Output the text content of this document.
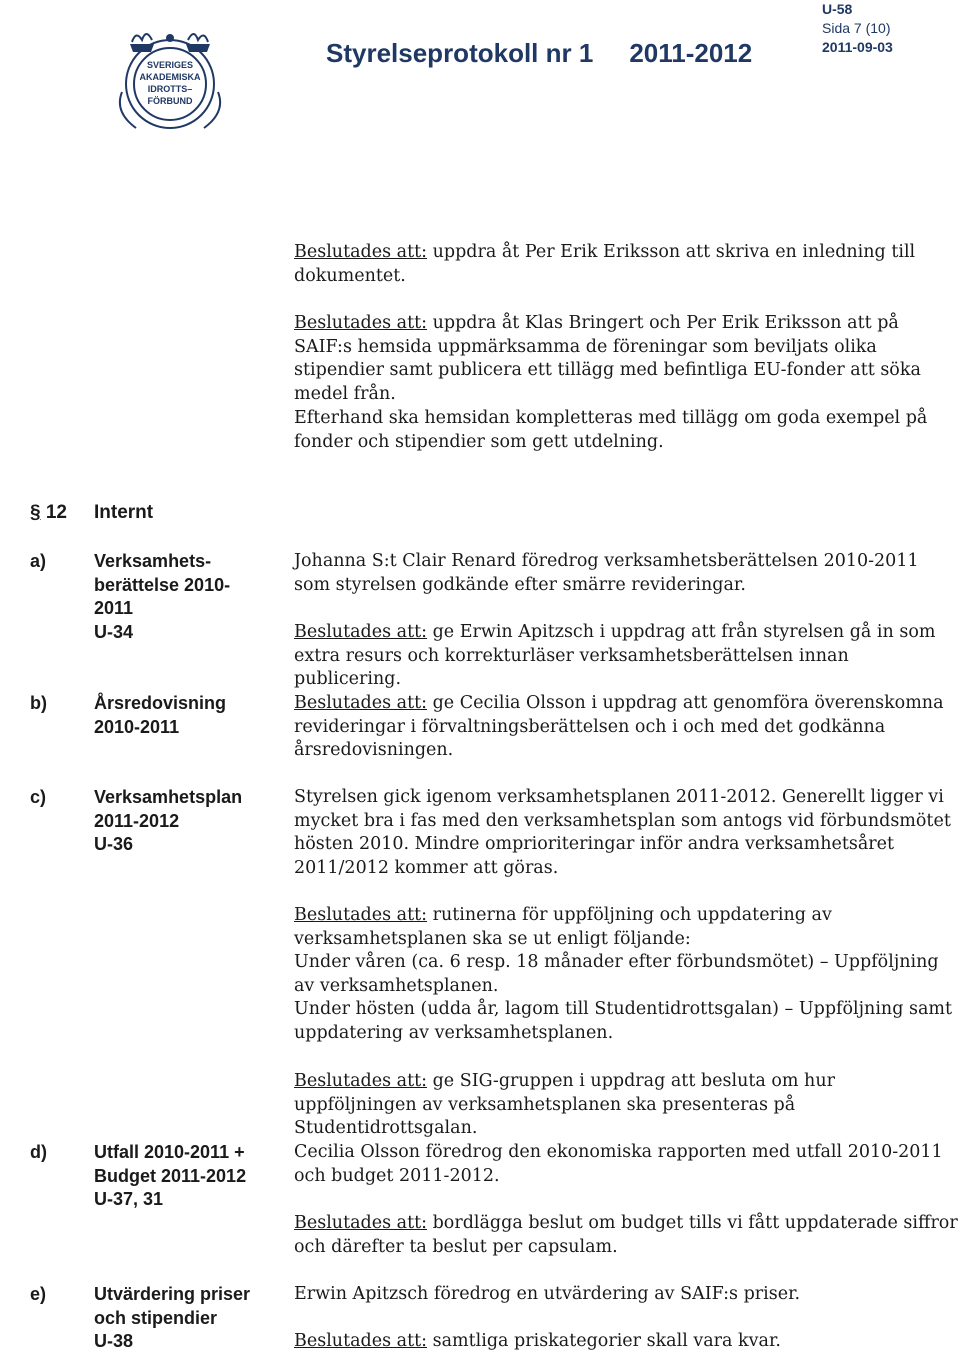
SVERIGES
AKADEMISKA
IDROTTS–
FÖRBUND
Styrelseprotokoll nr 1 2011-2012
U-58
Sida 7 (10)
2011-09-03

Beslutades att: uppdra åt Per Erik Eriksson att skriva en inledning till dokumentet.

Beslutades att: uppdra åt Klas Bringert och Per Erik Eriksson att på SAIF:s hemsida uppmärksamma de föreningar som beviljats olika stipendier samt publicera ett tillägg med befintliga EU-fonder att söka medel från.

Efterhand ska hemsidan kompletteras med tillägg om goda exempel på fonder och stipendier som gett utdelning.

§ 12 Internt
a)	Verksamhets-
berättelse 2010-
2011
U-34

Johanna S:t Clair Renard föredrog verksamhetsberättelsen 2010-2011 som styrelsen godkände efter smärre revideringar.

Beslutades att: ge Erwin Apitzsch i uppdrag att från styrelsen gå in som extra resurs och korrekturläser verksamhetsberättelsen innan publicering.

b)	Årsredovisning
2010-2011

Beslutades att: ge Cecilia Olsson i uppdrag att genomföra överenskomna revideringar i förvaltningsberättelsen och i och med det godkänna årsredovisningen.

c)	Verksamhetsplan
2011-2012
U-36

Styrelsen gick igenom verksamhetsplanen 2011-2012. Generellt ligger vi mycket bra i fas med den verksamhetsplan som antogs vid förbundsmötet hösten 2010. Mindre omprioriteringar inför andra verksamhetsåret 2011/2012 kommer att göras.

Beslutades att: rutinerna för uppföljning och uppdatering av verksamhetsplanen ska se ut enligt följande:

Under våren (ca. 6 resp. 18 månader efter förbundsmötet) – Uppföljning av verksamhetsplanen.

Under hösten (udda år, lagom till Studentidrottsgalan) – Uppföljning samt uppdatering av verksamhetsplanen.

Beslutades att: ge SIG-gruppen i uppdrag att besluta om hur uppföljningen av verksamhetsplanen ska presenteras på Studentidrottsgalan.

d)	Utfall 2010-2011 +
Budget 2011-2012
U-37, 31

Cecilia Olsson föredrog den ekonomiska rapporten med utfall 2010-2011 och budget 2011-2012.

Beslutades att: bordlägga beslut om budget tills vi fått uppdaterade siffror och därefter ta beslut per capsulam.

e)	Utvärdering priser
och stipendier
U-38

Erwin Apitzsch föredrog en utvärdering av SAIF:s priser.

Beslutades att: samtliga priskategorier skall vara kvar.
